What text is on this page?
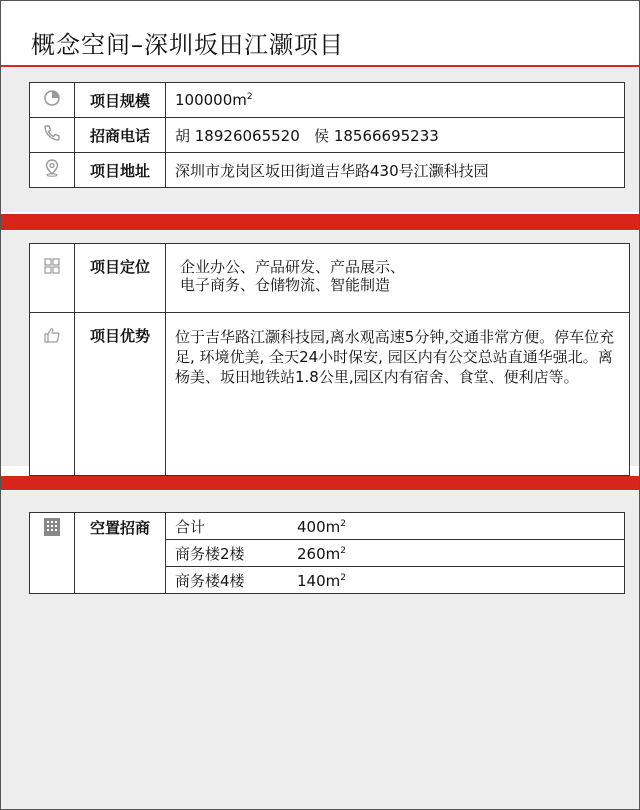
概念空间–深圳坂田江灏项目
	项目规模	$100000m^2$

	招商电话	胡 18926065520   侯 18566695233

	项目地址	深圳市龙岗区坂田街道吉华路430号江灏科技园
	项目定位	企业办公、产品研发、产品展示、
电子商务、仓储物流、智能制造

	项目优势	位于吉华路江灏科技园,离水观高速5分钟,交通非常方便。停车位充足, 环境优美, 全天24小时保安, 园区内有公交总站直通华强北。离杨美、坂田地铁站1.8公里,园区内有宿舍、食堂、便利店等。
	空置招商	合计	$400m^2$
商务楼2楼	$260m^2$
商务楼4楼	$140m^2$
